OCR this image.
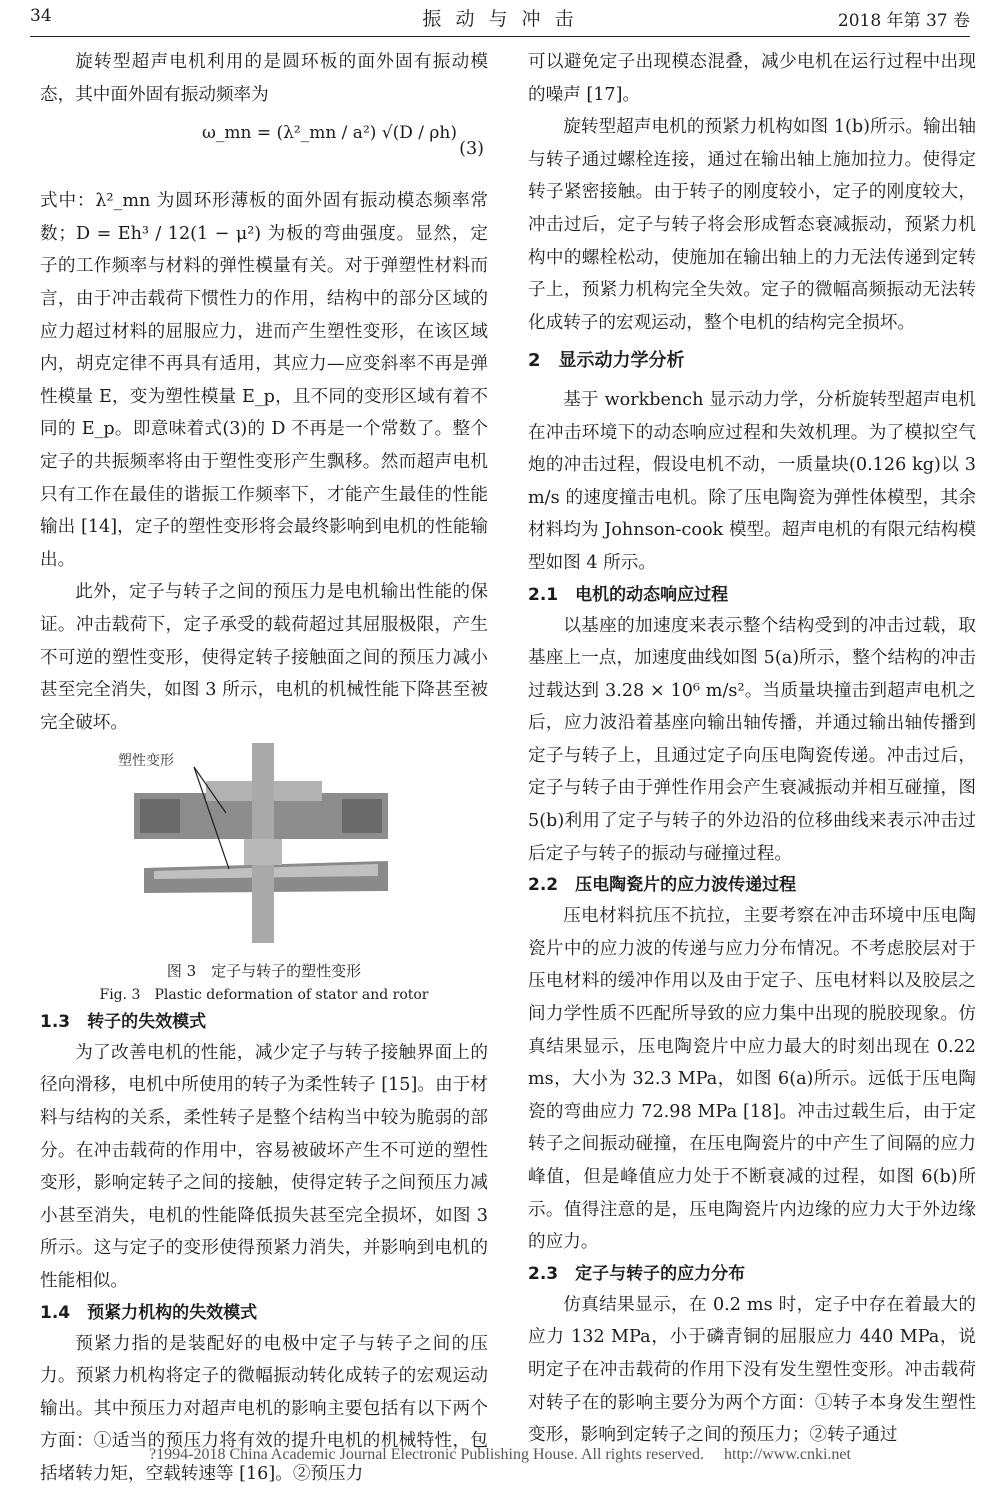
34	振 动 与 冲 击	2018 年第 37 卷

旋转型超声电机利用的是圆环板的面外固有振动模态，其中面外固有振动频率为

ω_mn = (λ²_mn / a²) √(D / ρh)
(3)

式中：λ²_mn 为圆环形薄板的面外固有振动模态频率常数；D = Eh³ / 12(1 − μ²) 为板的弯曲强度。显然，定子的工作频率与材料的弹性模量有关。对于弹塑性材料而言，由于冲击载荷下惯性力的作用，结构中的部分区域的应力超过材料的屈服应力，进而产生塑性变形，在该区域内，胡克定律不再具有适用，其应力—应变斜率不再是弹性模量 E，变为塑性模量 E_p，且不同的变形区域有着不同的 E_p。即意味着式(3)的 D 不再是一个常数了。整个定子的共振频率将由于塑性变形产生飘移。然而超声电机只有工作在最佳的谐振工作频率下，才能产生最佳的性能输出 [14]，定子的塑性变形将会最终影响到电机的性能输出。

此外，定子与转子之间的预压力是电机输出性能的保证。冲击载荷下，定子承受的载荷超过其屈服极限，产生不可逆的塑性变形，使得定转子接触面之间的预压力减小甚至完全消失，如图 3 所示，电机的机械性能下降甚至被完全破坏。

塑性变形
图 3　定子与转子的塑性变形
Fig. 3　Plastic deformation of stator and rotor
1.3　转子的失效模式

为了改善电机的性能，减少定子与转子接触界面上的径向滑移，电机中所使用的转子为柔性转子 [15]。由于材料与结构的关系，柔性转子是整个结构当中较为脆弱的部分。在冲击载荷的作用中，容易被破坏产生不可逆的塑性变形，影响定转子之间的接触，使得定转子之间预压力减小甚至消失，电机的性能降低损失甚至完全损坏，如图 3 所示。这与定子的变形使得预紧力消失，并影响到电机的性能相似。

1.4　预紧力机构的失效模式

预紧力指的是装配好的电极中定子与转子之间的压力。预紧力机构将定子的微幅振动转化成转子的宏观运动输出。其中预压力对超声电机的影响主要包括有以下两个方面：①适当的预压力将有效的提升电机的机械特性，包括堵转力矩，空载转速等 [16]。②预压力

可以避免定子出现模态混叠，减少电机在运行过程中出现的噪声 [17]。

旋转型超声电机的预紧力机构如图 1(b)所示。输出轴与转子通过螺栓连接，通过在输出轴上施加拉力。使得定转子紧密接触。由于转子的刚度较小，定子的刚度较大，冲击过后，定子与转子将会形成暂态衰减振动，预紧力机构中的螺栓松动，使施加在输出轴上的力无法传递到定转子上，预紧力机构完全失效。定子的微幅高频振动无法转化成转子的宏观运动，整个电机的结构完全损坏。

2　显示动力学分析

基于 workbench 显示动力学，分析旋转型超声电机在冲击环境下的动态响应过程和失效机理。为了模拟空气炮的冲击过程，假设电机不动，一质量块(0.126 kg)以 3 m/s 的速度撞击电机。除了压电陶瓷为弹性体模型，其余材料均为 Johnson-cook 模型。超声电机的有限元结构模型如图 4 所示。

2.1　电机的动态响应过程

以基座的加速度来表示整个结构受到的冲击过载，取基座上一点，加速度曲线如图 5(a)所示，整个结构的冲击过载达到 3.28 × 10⁶ m/s²。当质量块撞击到超声电机之后，应力波沿着基座向输出轴传播，并通过输出轴传播到定子与转子上，且通过定子向压电陶瓷传递。冲击过后，定子与转子由于弹性作用会产生衰减振动并相互碰撞，图 5(b)利用了定子与转子的外边沿的位移曲线来表示冲击过后定子与转子的振动与碰撞过程。

2.2　压电陶瓷片的应力波传递过程

压电材料抗压不抗拉，主要考察在冲击环境中压电陶瓷片中的应力波的传递与应力分布情况。不考虑胶层对于压电材料的缓冲作用以及由于定子、压电材料以及胶层之间力学性质不匹配所导致的应力集中出现的脱胶现象。仿真结果显示，压电陶瓷片中应力最大的时刻出现在 0.22 ms，大小为 32.3 MPa，如图 6(a)所示。远低于压电陶瓷的弯曲应力 72.98 MPa [18]。冲击过载生后，由于定转子之间振动碰撞，在压电陶瓷片的中产生了间隔的应力峰值，但是峰值应力处于不断衰减的过程，如图 6(b)所示。值得注意的是，压电陶瓷片内边缘的应力大于外边缘的应力。

2.3　定子与转子的应力分布

仿真结果显示，在 0.2 ms 时，定子中存在着最大的应力 132 MPa，小于磷青铜的屈服应力 440 MPa，说明定子在冲击载荷的作用下没有发生塑性变形。冲击载荷对转子在的影响主要分为两个方面：①转子本身发生塑性变形，影响到定转子之间的预压力；②转子通过

?1994-2018 China Academic Journal Electronic Publishing House. All rights reserved.　 http://www.cnki.net
